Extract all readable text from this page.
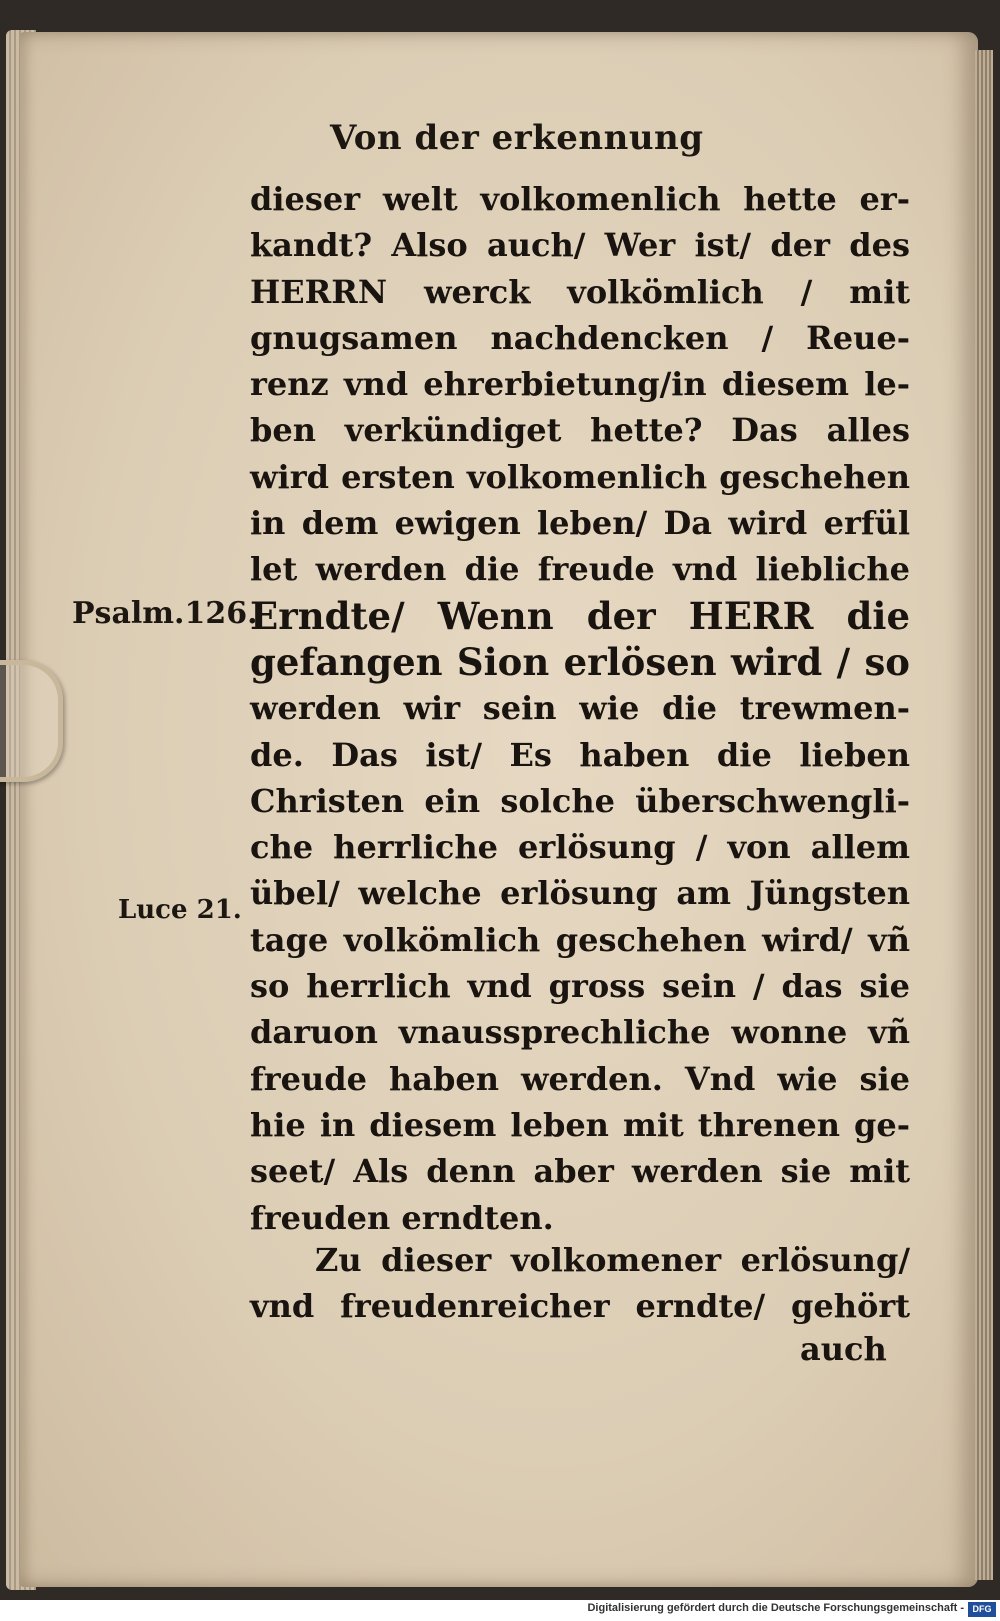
Von der erkennung
dieser welt volkomenlich hette er-
kandt? Also auch/ Wer ist/ der des
HERRN werck volkömlich / mit
gnugsamen nachdencken / Reue-
renz vnd ehrerbietung/in diesem le-
ben verkündiget hette? Das alles
wird ersten volkomenlich geschehen
in dem ewigen leben/ Da wird erfül
let werden die freude vnd liebliche
Erndte/ Wenn der HERR die
gefangen Sion erlösen wird / so
werden wir sein wie die trewmen-
de. Das ist/ Es haben die lieben
Christen ein solche überschwengli-
che herrliche erlösung / von allem
übel/ welche erlösung am Jüngsten
tage volkömlich geschehen wird/ vñ
so herrlich vnd gross sein / das sie
daruon vnaussprechliche wonne vñ
freude haben werden. Vnd wie sie
hie in diesem leben mit threnen ge-
seet/ Als denn aber werden sie mit
freuden erndten.
Psalm.126.
Luce 21.
Zu dieser volkomener erlösung/
vnd freudenreicher erndte/ gehört
auch
Digitalisierung gefördert durch die Deutsche Forschungsgemeinschaft - DFG
